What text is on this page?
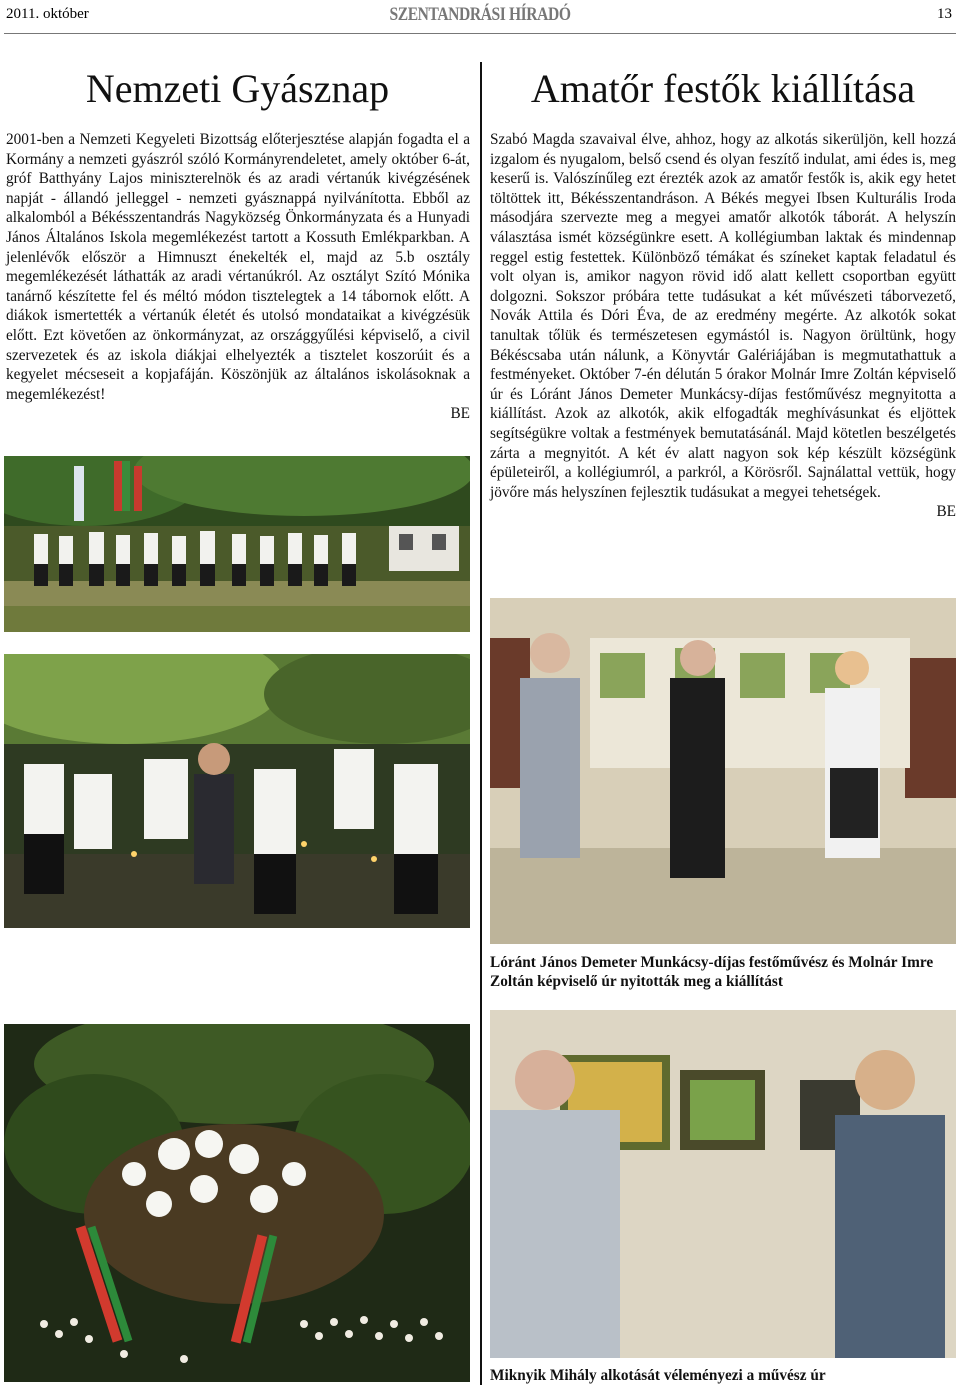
2011. október	SZENTANDRÁSI HÍRADÓ	13
Nemzeti Gyásznap

2001-ben a Nemzeti Kegyeleti Bizottság előterjesztése alapján fogadta el a Kormány a nemzeti gyászról szóló Kormányrendeletet, amely október 6-át, gróf Batthyány Lajos miniszterelnök és az aradi vértanúk kivégzésének napját - állandó jelleggel - nemzeti gyásznappá nyilvánította. Ebből az alkalomból a Békésszentandrás Nagyközség Önkormányzata és a Hunyadi János Általános Iskola megemlékezést tartott a Kossuth Emlékparkban. A jelenlévők először a Himnuszt énekelték el, majd az 5.b osztály megemlékezését láthatták az aradi vértanúkról. Az osztályt Szító Mónika tanárnő készítette fel és méltó módon tisztelegtek a 14 tábornok előtt. A diákok ismertették a vértanúk életét és utolsó mondataikat a kivégzésük előtt. Ezt követően az önkormányzat, az országgyűlési képviselő, a civil szervezetek és az iskola diákjai elhelyezték a tisztelet koszorúit és a kegyelet mécseseit a kopjafáján. Köszönjük az általános iskolásoknak a megemlékezést!

BE
Amatőr festők kiállítása

Szabó Magda szavaival élve, ahhoz, hogy az alkotás sikerüljön, kell hozzá izgalom és nyugalom, belső csend és olyan feszítő indulat, ami édes is, meg keserű is. Valószínűleg ezt érezték azok az amatőr festők is, akik egy hetet töltöttek itt, Békésszentandráson. A Békés megyei Ibsen Kulturális Iroda másodjára szervezte meg a megyei amatőr alkotók táborát. A helyszín választása ismét községünkre esett. A kollégiumban laktak és mindennap reggel estig festettek. Különböző témákat és színeket kaptak feladatul és volt olyan is, amikor nagyon rövid idő alatt kellett csoportban együtt dolgozni. Sokszor próbára tette tudásukat a két művészeti táborvezető, Novák Attila és Dóri Éva, de az eredmény megérte. Az alkotók sokat tanultak tőlük és természetesen egymástól is. Nagyon örültünk, hogy Békéscsaba után nálunk, a Könyvtár Galériájában is megmutathattuk a festményeket. Október 7-én délután 5 órakor Molnár Imre Zoltán képviselő úr és Lóránt János Demeter Munkácsy-díjas festőművész megnyitotta a kiállítást. Azok az alkotók, akik elfogadták meghívásunkat és eljöttek segítségükre voltak a festmények bemutatásánál. Majd kötetlen beszélgetés zárta a megnyitót. A két év alatt nagyon sok kép készült községünk épületeiről, a kollégiumról, a parkról, a Körösről. Sajnálattal vettük, hogy jövőre más helyszínen fejlesztik tudásukat a megyei tehetségek.

BE

Lóránt János Demeter Munkácsy-díjas festőművész és Molnár Imre Zoltán képviselő úr nyitották meg a kiállítást

Miknyik Mihály alkotását véleményezi a művész úr
